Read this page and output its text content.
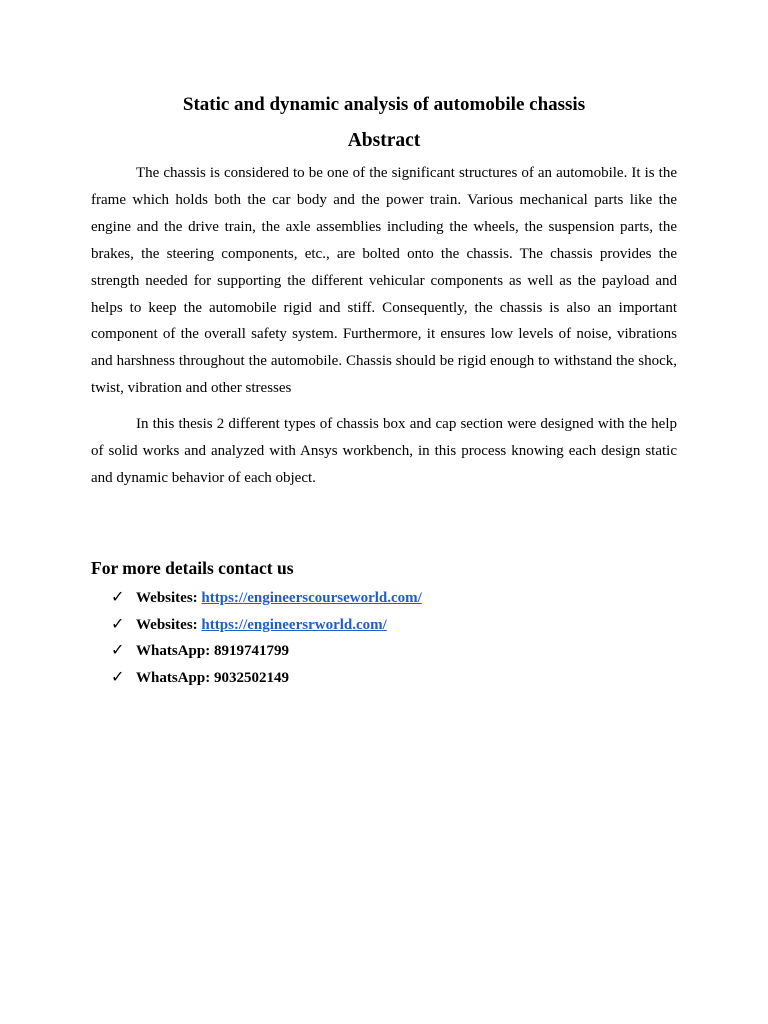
Static and dynamic analysis of automobile chassis
Abstract

The chassis is considered to be one of the significant structures of an automobile. It is the frame which holds both the car body and the power train. Various mechanical parts like the engine and the drive train, the axle assemblies including the wheels, the suspension parts, the brakes, the steering components, etc., are bolted onto the chassis. The chassis provides the strength needed for supporting the different vehicular components as well as the payload and helps to keep the automobile rigid and stiff. Consequently, the chassis is also an important component of the overall safety system. Furthermore, it ensures low levels of noise, vibrations and harshness throughout the automobile. Chassis should be rigid enough to withstand the shock, twist, vibration and other stresses

In this thesis 2 different types of chassis box and cap section were designed with the help of solid works and analyzed with Ansys workbench, in this process knowing each design static and dynamic behavior of each object.

For more details contact us
✓ Websites: https://engineerscourseworld.com/
✓ Websites: https://engineersrworld.com/
✓ WhatsApp: 8919741799
✓ WhatsApp: 9032502149
